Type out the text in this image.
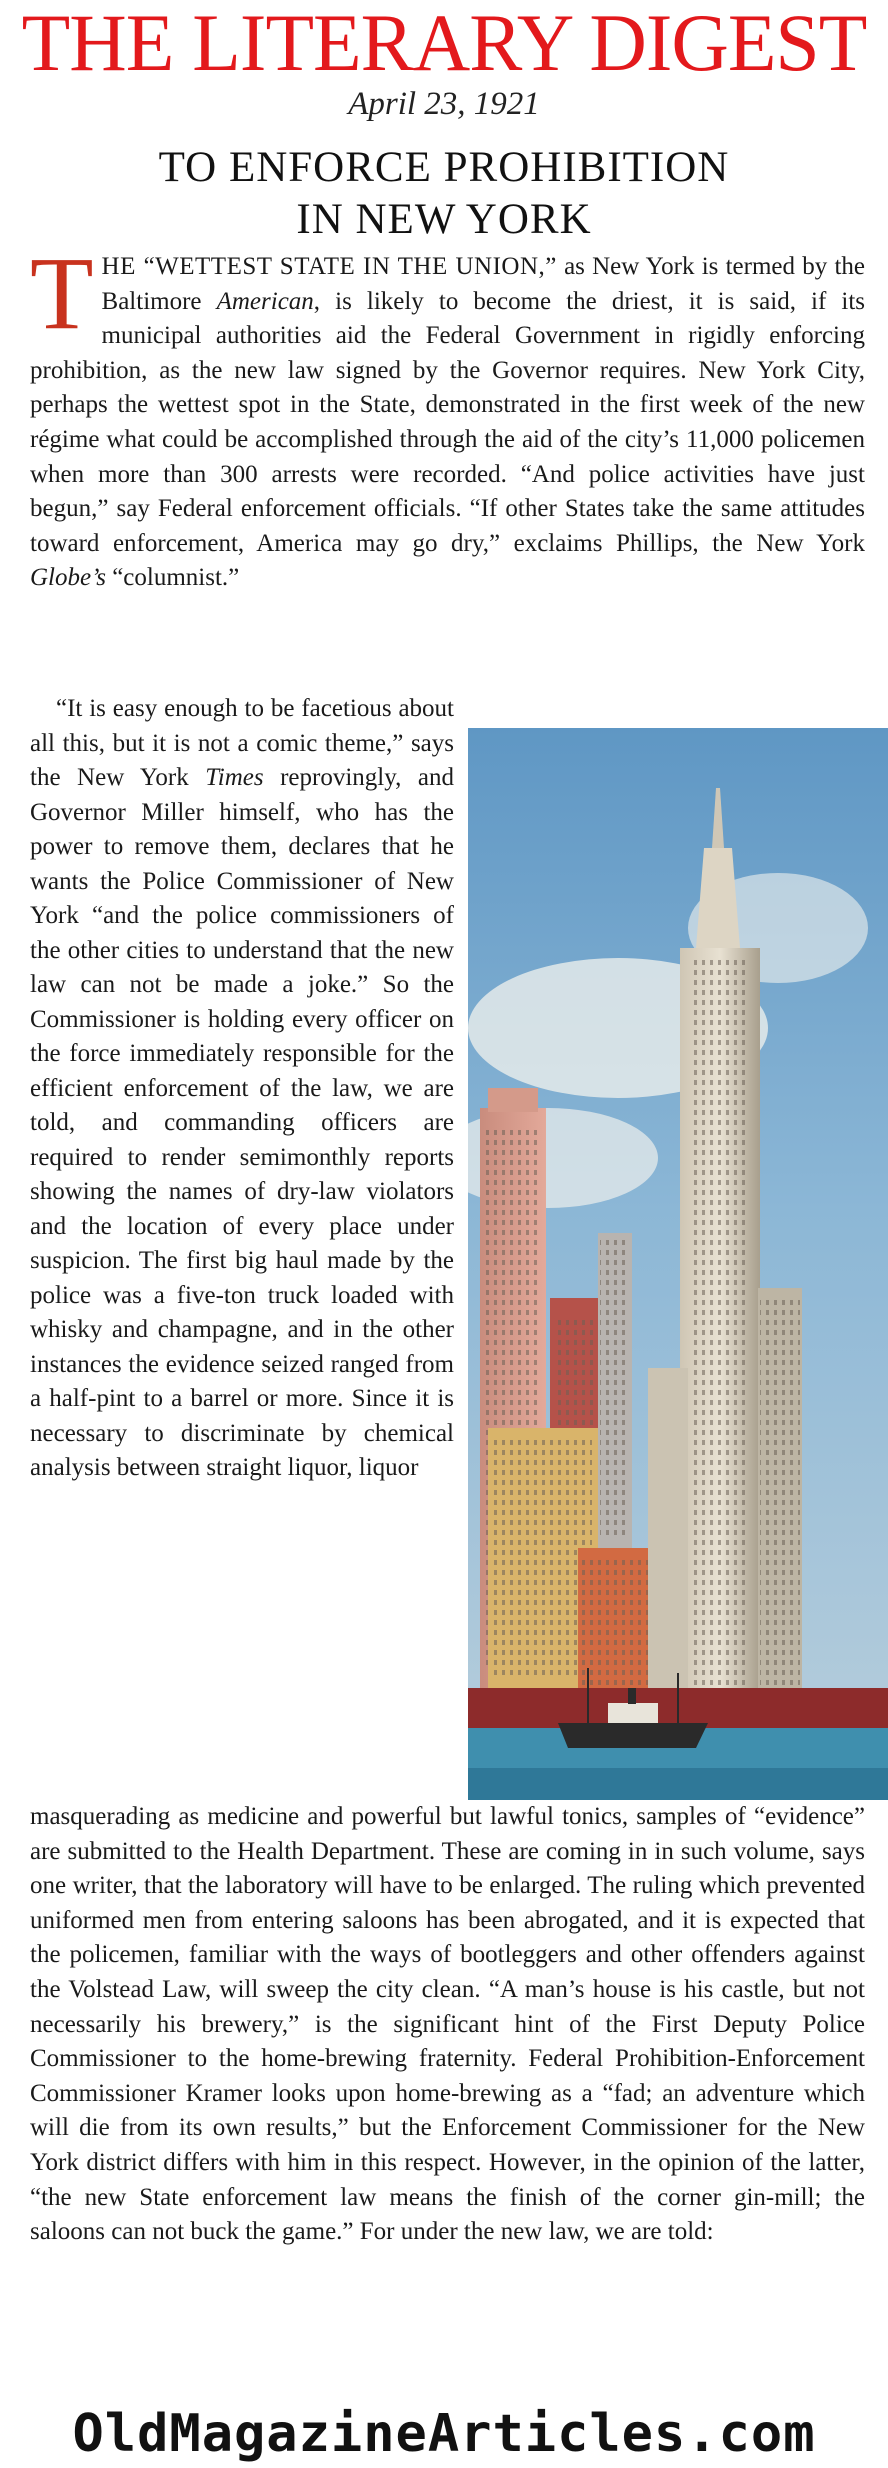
THE LITERARY DIGEST
April 23, 1921
TO ENFORCE PROHIBITION
IN NEW YORK
THE “WETTEST STATE IN THE UNION,” as New York is termed by the Baltimore American, is likely to become the driest, it is said, if its municipal authorities aid the Federal Government in rigidly enforcing prohibition, as the new law signed by the Governor requires. New York City, perhaps the wettest spot in the State, demonstrated in the first week of the new régime what could be accomplished through the aid of the city’s 11,000 policemen when more than 300 arrests were recorded. “And police activities have just begun,” say Federal enforcement officials. “If other States take the same attitudes toward enforcement, America may go dry,” exclaims Phillips, the New York Globe’s “columnist.”

“It is easy enough to be facetious about all this, but it is not a comic theme,” says the New York Times reprovingly, and Governor Miller himself, who has the power to remove them, declares that he wants the Police Commissioner of New York “and the police commissioners of the other cities to understand that the new law can not be made a joke.” So the Commissioner is holding every officer on the force immediately responsible for the efficient enforcement of the law, we are told, and commanding officers are required to render semimonthly reports showing the names of dry-law violators and the location of every place under suspicion. The first big haul made by the police was a five-ton truck loaded with whisky and champagne, and in the other instances the evidence seized ranged from a half-pint to a barrel or more. Since it is necessary to discriminate by chemical analysis between straight liquor, liquor

masquerading as medicine and powerful but lawful tonics, samples of “evidence” are submitted to the Health Department. These are coming in in such volume, says one writer, that the laboratory will have to be enlarged. The ruling which prevented uniformed men from entering saloons has been abrogated, and it is expected that the policemen, familiar with the ways of bootleggers and other offenders against the Volstead Law, will sweep the city clean. “A man’s house is his castle, but not necessarily his brewery,” is the significant hint of the First Deputy Police Commissioner to the home-brewing fraternity. Federal Prohibition-Enforcement Commissioner Kramer looks upon home-brewing as a “fad; an adventure which will die from its own results,” but the Enforcement Commissioner for the New York district differs with him in this respect. However, in the opinion of the latter, “the new State enforcement law means the finish of the corner gin-mill; the saloons can not buck the game.” For under the new law, we are told:
OldMagazineArticles.com
